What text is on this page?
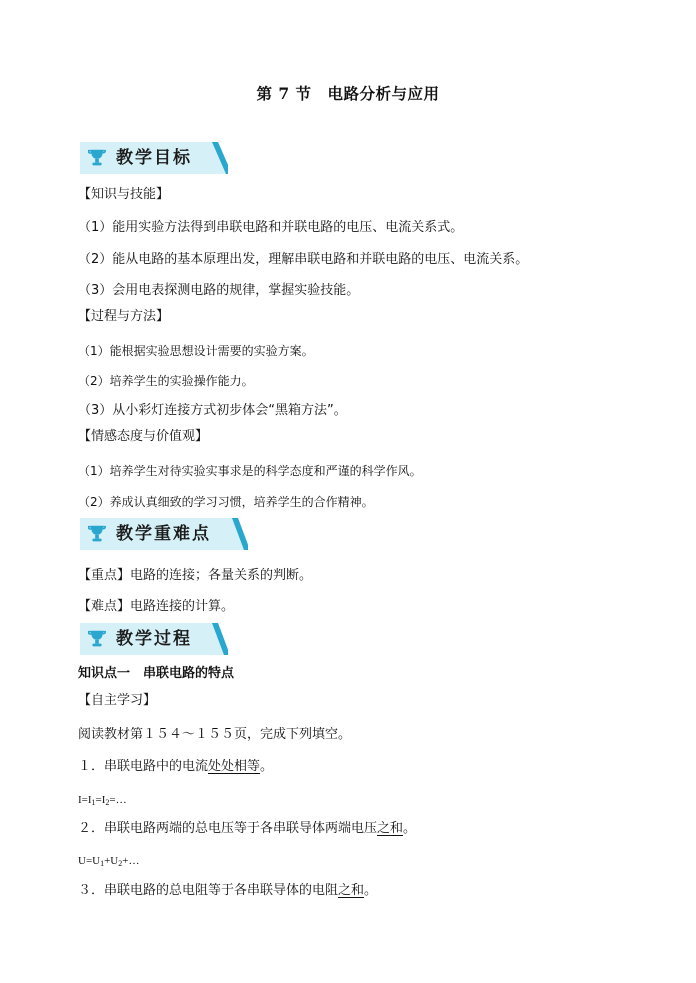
第 7 节　电路分析与应用
教学目标
【知识与技能】
（1）能用实验方法得到串联电路和并联电路的电压、电流关系式。
（2）能从电路的基本原理出发，理解串联电路和并联电路的电压、电流关系。
（3）会用电表探测电路的规律，掌握实验技能。
【过程与方法】
（1）能根据实验思想设计需要的实验方案。
（2）培养学生的实验操作能力。
（3）从小彩灯连接方式初步体会“黑箱方法”。
【情感态度与价值观】
（1）培养学生对待实验实事求是的科学态度和严谨的科学作风。
（2）养成认真细致的学习习惯，培养学生的合作精神。
教学重难点
【重点】电路的连接；各量关系的判断。
【难点】电路连接的计算。
教学过程
知识点一　串联电路的特点
【自主学习】
阅读教材第１５４～１５５页，完成下列填空。
１．串联电路中的电流处处相等。
$I=I_1=I_2=\dots$
２．串联电路两端的总电压等于各串联导体两端电压之和。
$U=U_1+U_2+\dots$
３．串联电路的总电阻等于各串联导体的电阻之和。
